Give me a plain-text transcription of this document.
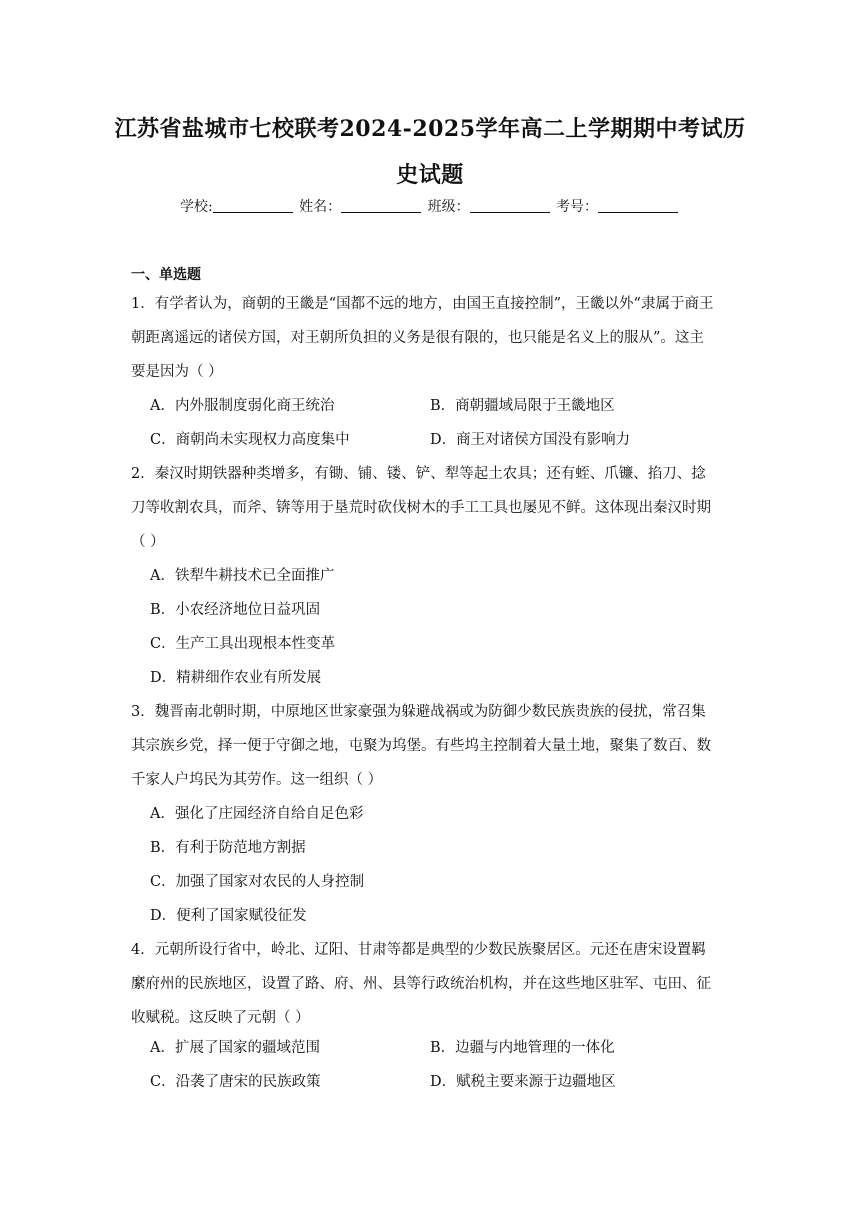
江苏省盐城市七校联考2024-2025学年高二上学期期中考试历
史试题
学校:	姓名：	班级：	考号：
一、单选题
1．有学者认为，商朝的王畿是“国都不远的地方，由国王直接控制”，王畿以外“隶属于商王
朝距离遥远的诸侯方国，对王朝所负担的义务是很有限的，也只能是名义上的服从”。这主
要是因为（ ）
A．内外服制度弱化商王统治	B．商朝疆域局限于王畿地区
C．商朝尚未实现权力高度集中	D．商王对诸侯方国没有影响力
2．秦汉时期铁器种类增多，有锄、铺、镂、铲、犁等起土农具；还有蛭、爪镰、掐刀、捻
刀等收割农具，而斧、锛等用于垦荒时砍伐树木的手工工具也屡见不鲜。这体现出秦汉时期
（ ）
A．铁犁牛耕技术已全面推广
B．小农经济地位日益巩固
C．生产工具出现根本性变革
D．精耕细作农业有所发展
3．魏晋南北朝时期，中原地区世家豪强为躲避战祸或为防御少数民族贵族的侵扰，常召集
其宗族乡党，择一便于守御之地，屯聚为坞堡。有些坞主控制着大量土地，聚集了数百、数
千家人户坞民为其劳作。这一组织（ ）
A．强化了庄园经济自给自足色彩
B．有利于防范地方割据
C．加强了国家对农民的人身控制
D．便利了国家赋役征发
4．元朝所设行省中，岭北、辽阳、甘肃等都是典型的少数民族聚居区。元还在唐宋设置羁
縻府州的民族地区，设置了路、府、州、县等行政统治机构，并在这些地区驻军、屯田、征
收赋税。这反映了元朝（ ）
A．扩展了国家的疆域范围	B．边疆与内地管理的一体化
C．沿袭了唐宋的民族政策	D．赋税主要来源于边疆地区
